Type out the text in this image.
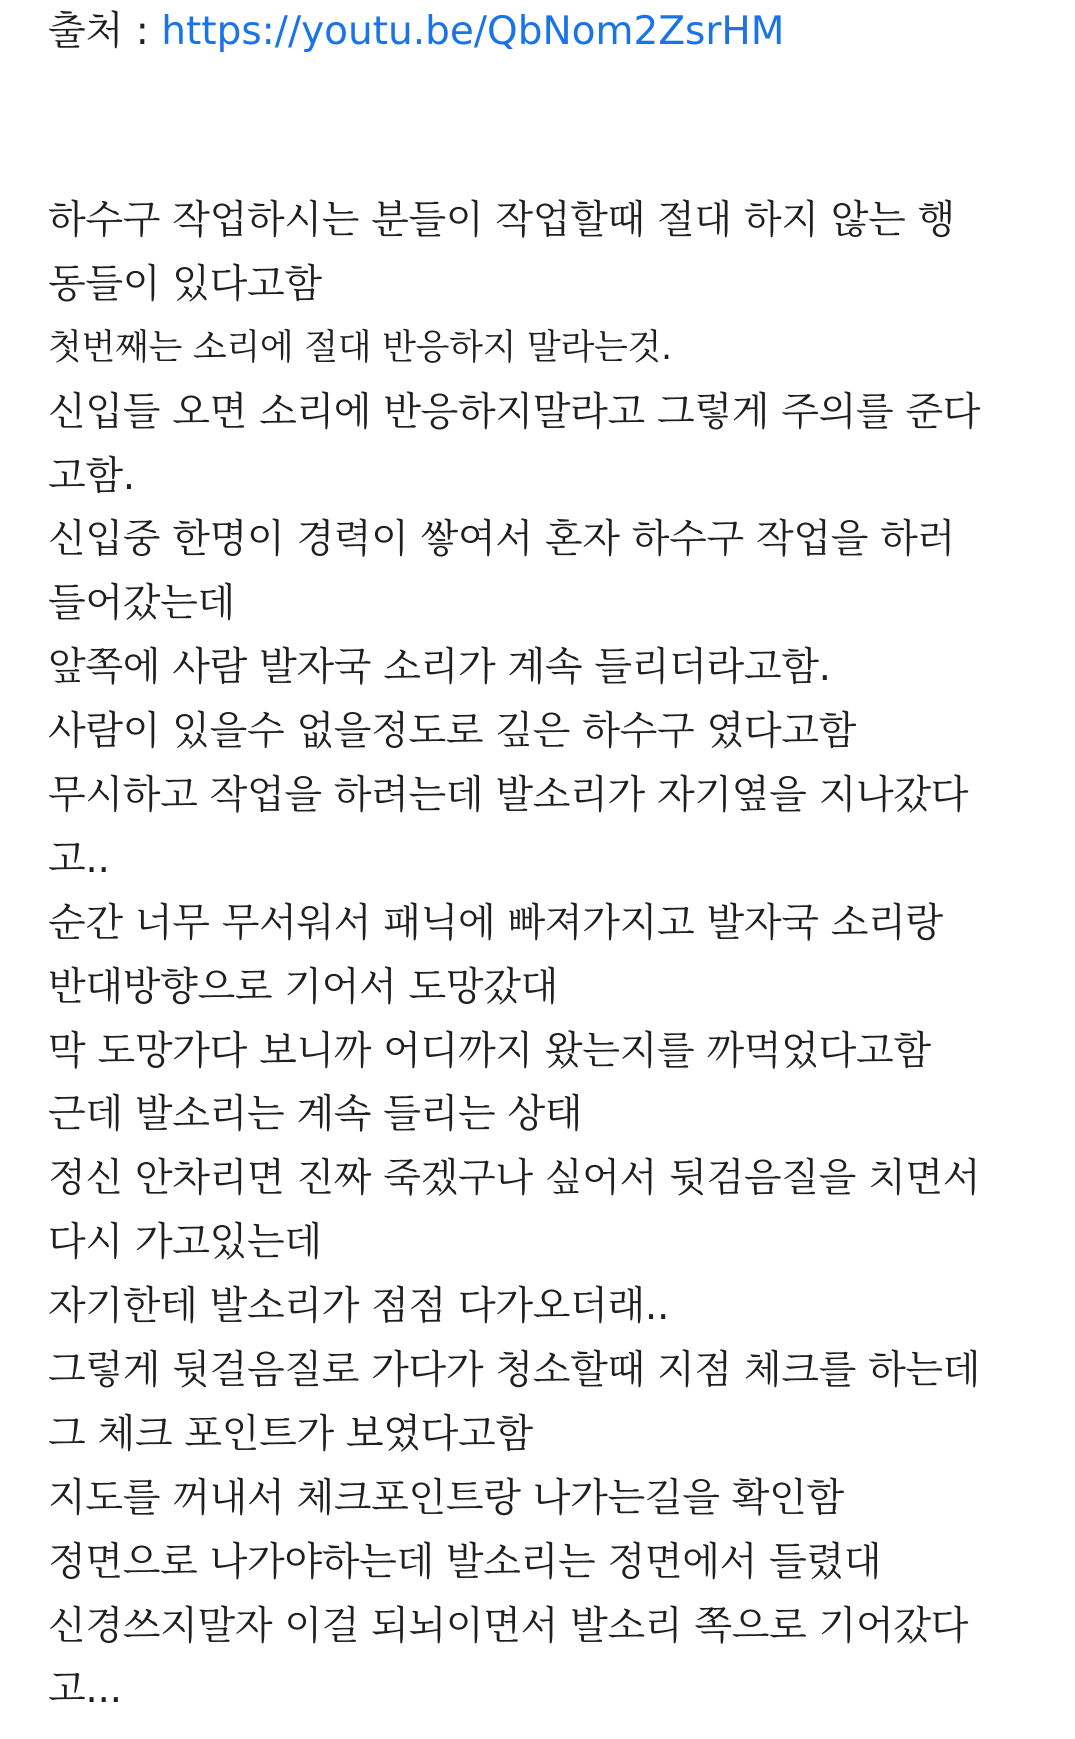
출처 : https://youtu.be/QbNom2ZsrHM
하수구 작업하시는 분들이 작업할때 절대 하지 않는 행
동들이 있다고함
첫번째는 소리에 절대 반응하지 말라는것.
신입들 오면 소리에 반응하지말라고 그렇게 주의를 준다
고함.
신입중 한명이 경력이 쌓여서 혼자 하수구 작업을 하러
들어갔는데
앞쪽에 사람 발자국 소리가 계속 들리더라고함.
사람이 있을수 없을정도로 깊은 하수구 였다고함
무시하고 작업을 하려는데 발소리가 자기옆을 지나갔다
고..
순간 너무 무서워서 패닉에 빠져가지고 발자국 소리랑
반대방향으로 기어서 도망갔대
막 도망가다 보니까 어디까지 왔는지를 까먹었다고함
근데 발소리는 계속 들리는 상태
정신 안차리면 진짜 죽겠구나 싶어서 뒷검음질을 치면서
다시 가고있는데
자기한테 발소리가 점점 다가오더래..
그렇게 뒷걸음질로 가다가 청소할때 지점 체크를 하는데
그 체크 포인트가 보였다고함
지도를 꺼내서 체크포인트랑 나가는길을 확인함
정면으로 나가야하는데 발소리는 정면에서 들렸대
신경쓰지말자 이걸 되뇌이면서 발소리 쪽으로 기어갔다
고...
